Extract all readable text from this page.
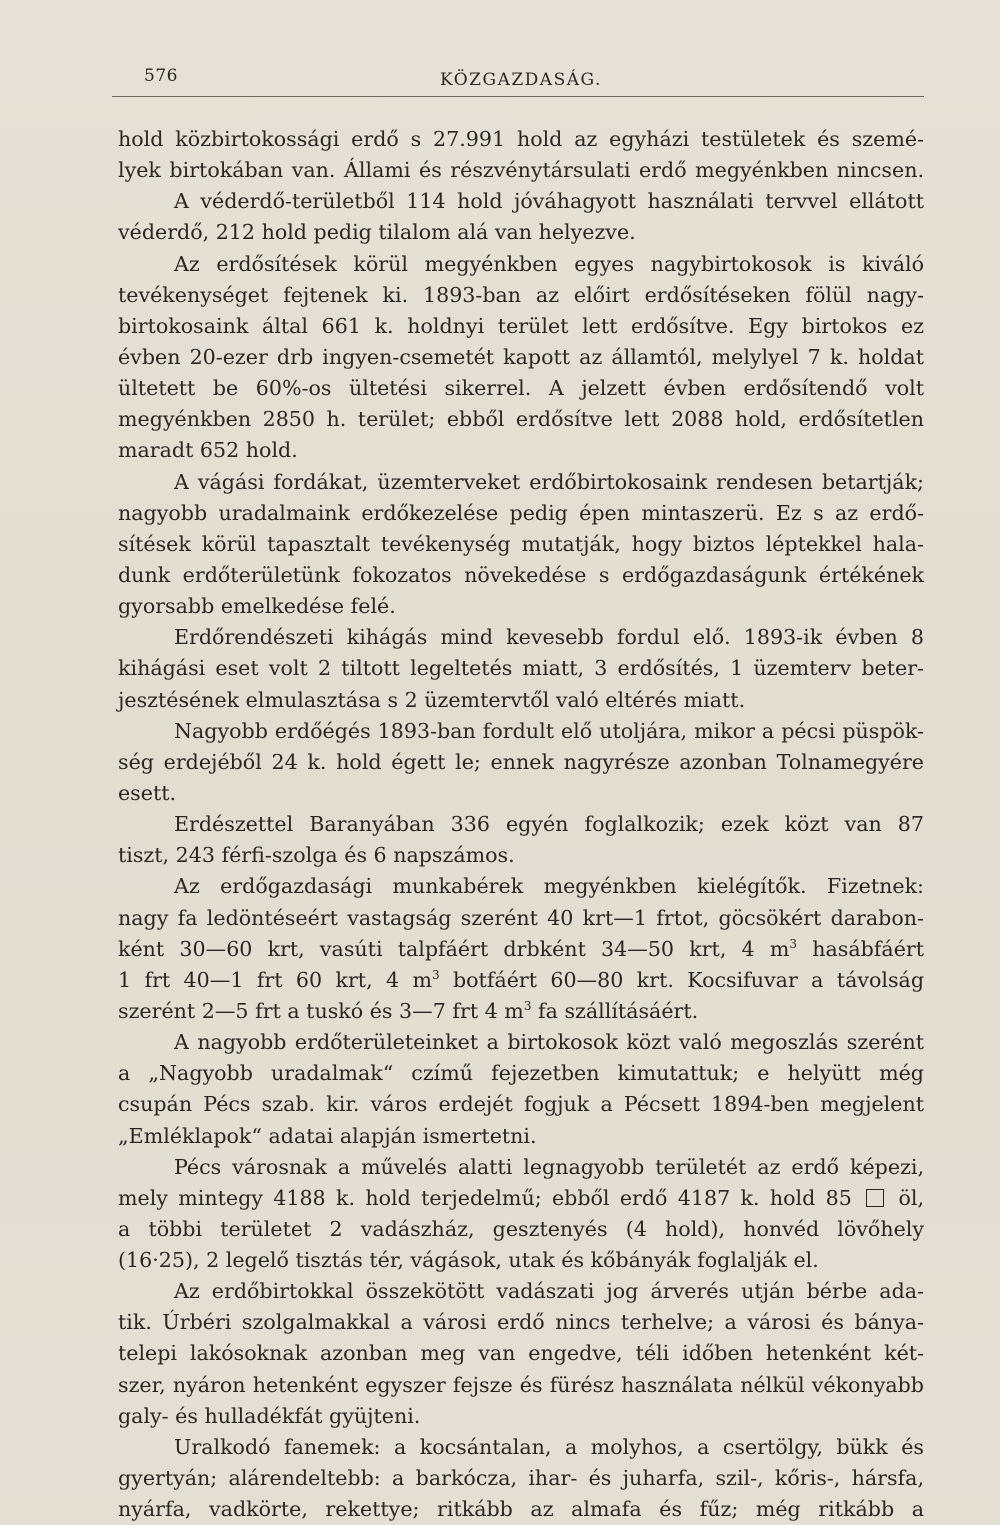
576	KÖZGAZDASÁG.
hold közbirtokossági erdő s 27.991 hold az egyházi testületek és szemé-
lyek birtokában van. Állami és részvénytársulati erdő megyénkben nincsen.
A véderdő-területből 114 hold jóváhagyott használati tervvel ellátott
véderdő, 212 hold pedig tilalom alá van helyezve.
Az erdősítések körül megyénkben egyes nagybirtokosok is kiváló
tevékenységet fejtenek ki. 1893-ban az előirt erdősítéseken fölül nagy-
birtokosaink által 661 k. holdnyi terület lett erdősítve. Egy birtokos ez
évben 20-ezer drb ingyen-csemetét kapott az államtól, melylyel 7 k. holdat
ültetett be 60%-os ültetési sikerrel. A jelzett évben erdősítendő volt
megyénkben 2850 h. terület; ebből erdősítve lett 2088 hold, erdősítetlen
maradt 652 hold.
A vágási fordákat, üzemterveket erdőbirtokosaink rendesen betartják;
nagyobb uradalmaink erdőkezelése pedig épen mintaszerü. Ez s az erdő-
sítések körül tapasztalt tevékenység mutatják, hogy biztos léptekkel hala-
dunk erdőterületünk fokozatos növekedése s erdőgazdaságunk értékének
gyorsabb emelkedése felé.
Erdőrendészeti kihágás mind kevesebb fordul elő. 1893-ik évben 8
kihágási eset volt 2 tiltott legeltetés miatt, 3 erdősítés, 1 üzemterv beter-
jesztésének elmulasztása s 2 üzemtervtől való eltérés miatt.
Nagyobb erdőégés 1893-ban fordult elő utoljára, mikor a pécsi püspök-
ség erdejéből 24 k. hold égett le; ennek nagyrésze azonban Tolnamegyére
esett.
Erdészettel Baranyában 336 egyén foglalkozik; ezek közt van 87
tiszt, 243 férfi-szolga és 6 napszámos.
Az erdőgazdasági munkabérek megyénkben kielégítők. Fizetnek:
nagy fa ledöntéseért vastagság szerént 40 krt—1 frtot, göcsökért darabon-
ként 30—60 krt, vasúti talpfáért drbként 34—50 krt, 4 $m^3$ hasábfáért
1 frt 40—1 frt 60 krt, 4 $m^3$ botfáért 60—80 krt. Kocsifuvar a távolság
szerént 2—5 frt a tuskó és 3—7 frt 4 $m^3$ fa szállításáért.
A nagyobb erdőterületeinket a birtokosok közt való megoszlás szerént
a „Nagyobb uradalmak“ czímű fejezetben kimutattuk; e helyütt még
csupán Pécs szab. kir. város erdejét fogjuk a Pécsett 1894-ben megjelent
„Emléklapok“ adatai alapján ismertetni.
Pécs városnak a művelés alatti legnagyobb területét az erdő képezi,
mely mintegy 4188 k. hold terjedelmű; ebből erdő 4187 k. hold 85  öl,
a többi területet 2 vadászház, gesztenyés (4 hold), honvéd lövőhely
(16·25), 2 legelő tisztás tér, vágások, utak és kőbányák foglalják el.
Az erdőbirtokkal összekötött vadászati jog árverés utján bérbe ada-
tik. Úrbéri szolgalmakkal a városi erdő nincs terhelve; a városi és bánya-
telepi lakósoknak azonban meg van engedve, téli időben hetenként két-
szer, nyáron hetenként egyszer fejsze és fürész használata nélkül vékonyabb
galy- és hulladékfát gyüjteni.
Uralkodó fanemek: a kocsántalan, a molyhos, a csertölgy, bükk és
gyertyán; alárendeltebb: a barkócza, ihar- és juharfa, szil-, kőris-, hársfa,
nyárfa, vadkörte, rekettye; ritkább az almafa és fűz; még ritkább a
